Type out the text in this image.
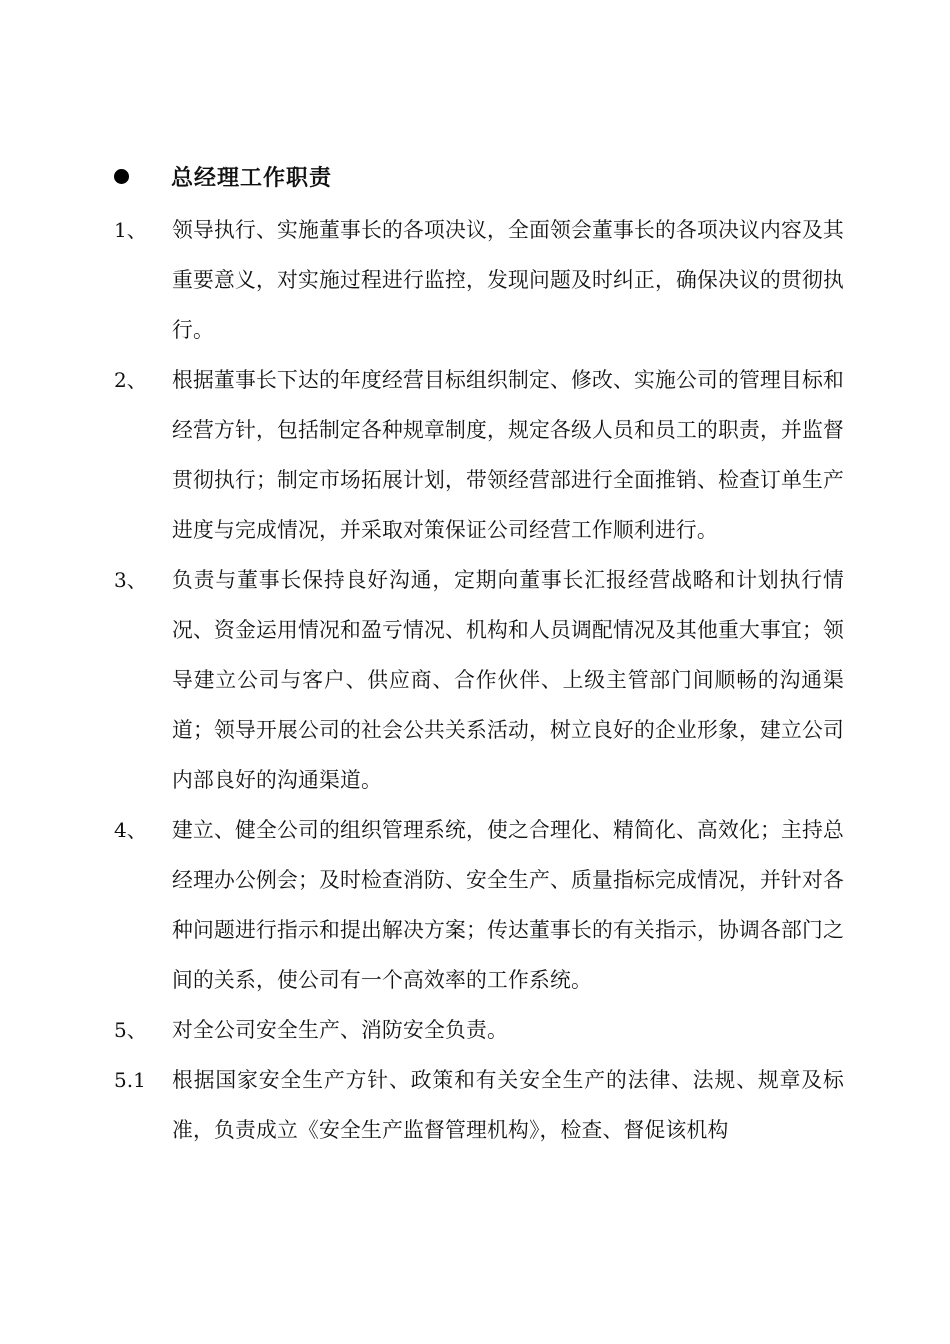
总经理工作职责
1、 领导执行、实施董事长的各项决议，全面领会董事长的各项决议内容及其重要意义，对实施过程进行监控，发现问题及时纠正，确保决议的贯彻执行。
2、 根据董事长下达的年度经营目标组织制定、修改、实施公司的管理目标和经营方针，包括制定各种规章制度，规定各级人员和员工的职责，并监督贯彻执行；制定市场拓展计划，带领经营部进行全面推销、检查订单生产进度与完成情况，并采取对策保证公司经营工作顺利进行。
3、 负责与董事长保持良好沟通，定期向董事长汇报经营战略和计划执行情况、资金运用情况和盈亏情况、机构和人员调配情况及其他重大事宜；领导建立公司与客户、供应商、合作伙伴、上级主管部门间顺畅的沟通渠道；领导开展公司的社会公共关系活动，树立良好的企业形象，建立公司内部良好的沟通渠道。
4、 建立、健全公司的组织管理系统，使之合理化、精简化、高效化；主持总经理办公例会；及时检查消防、安全生产、质量指标完成情况，并针对各种问题进行指示和提出解决方案；传达董事长的有关指示，协调各部门之间的关系，使公司有一个高效率的工作系统。
5、 对全公司安全生产、消防安全负责。
5.1 根据国家安全生产方针、政策和有关安全生产的法律、法规、规章及标准，负责成立《安全生产监督管理机构》，检查、督促该机构
